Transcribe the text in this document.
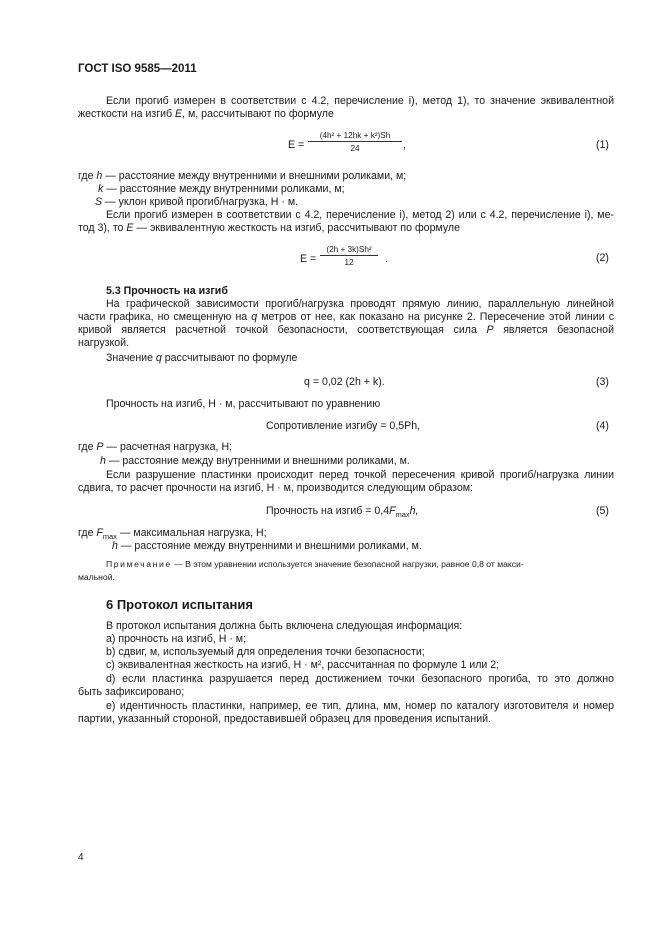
ГОСТ ISO 9585—2011
Если прогиб измерен в соответствии с 4.2, перечисление i), метод 1), то значение эквивалентной
жесткости на изгиб E, м, рассчитывают по формуле
E =
(4h² + 12hk + k²)Sh
24	,	(1)
где h — расстояние между внутренними и внешними роликами, м;
k — расстояние между внутренними роликами, м;
S — уклон кривой прогиб/нагрузка, Н · м.
Если прогиб измерен в соответствии с 4.2, перечисление i), метод 2) или с 4.2, перечисление i), ме-
тод 3), то E — эквивалентную жесткость на изгиб, рассчитывают по формуле
E =
(2h + 3k)Sh²
12	.	(2)
5.3 Прочность на изгиб
На графической зависимости прогиб/нагрузка проводят прямую линию, параллельную линейной
части графика, но смещенную на q метров от нее, как показано на рисунке 2. Пересечение этой линии с
кривой является расчетной точкой безопасности, соответствующая сила P является безопасной
нагрузкой.
Значение q рассчитывают по формуле
q = 0,02 (2h + k).	(3)
Прочность на изгиб, Н · м, рассчитывают по уравнению
Сопротивление изгибу = 0,5Ph,	(4)
где P — расчетная нагрузка, Н;
h — расстояние между внутренними и внешними роликами, м.
Если разрушение пластинки происходит перед точкой пересечения кривой прогиб/нагрузка линии
сдвига, то расчет прочности на изгиб, Н · м, производится следующим образом:
Прочность на изгиб = $0,4F_{max}h$,	(5)
где $F_{max}$ — максимальная нагрузка, Н;
h — расстояние между внутренними и внешними роликами, м.
Примечание — В этом уравнении используется значение безопасной нагрузки, равное 0,8 от макси-
мальной.
6 Протокол испытания
В протокол испытания должна быть включена следующая информация:
а) прочность на изгиб, Н · м;
b) сдвиг, м, используемый для определения точки безопасности;
c) эквивалентная жесткость на изгиб, Н · м², рассчитанная по формуле 1 или 2;
d) если пластинка разрушается перед достижением точки безопасного прогиба, то это должно
быть зафиксировано;
e) идентичность пластинки, например, ее тип, длина, мм, номер по каталогу изготовителя и номер
партии, указанный стороной, предоставившей образец для проведения испытаний.
4
